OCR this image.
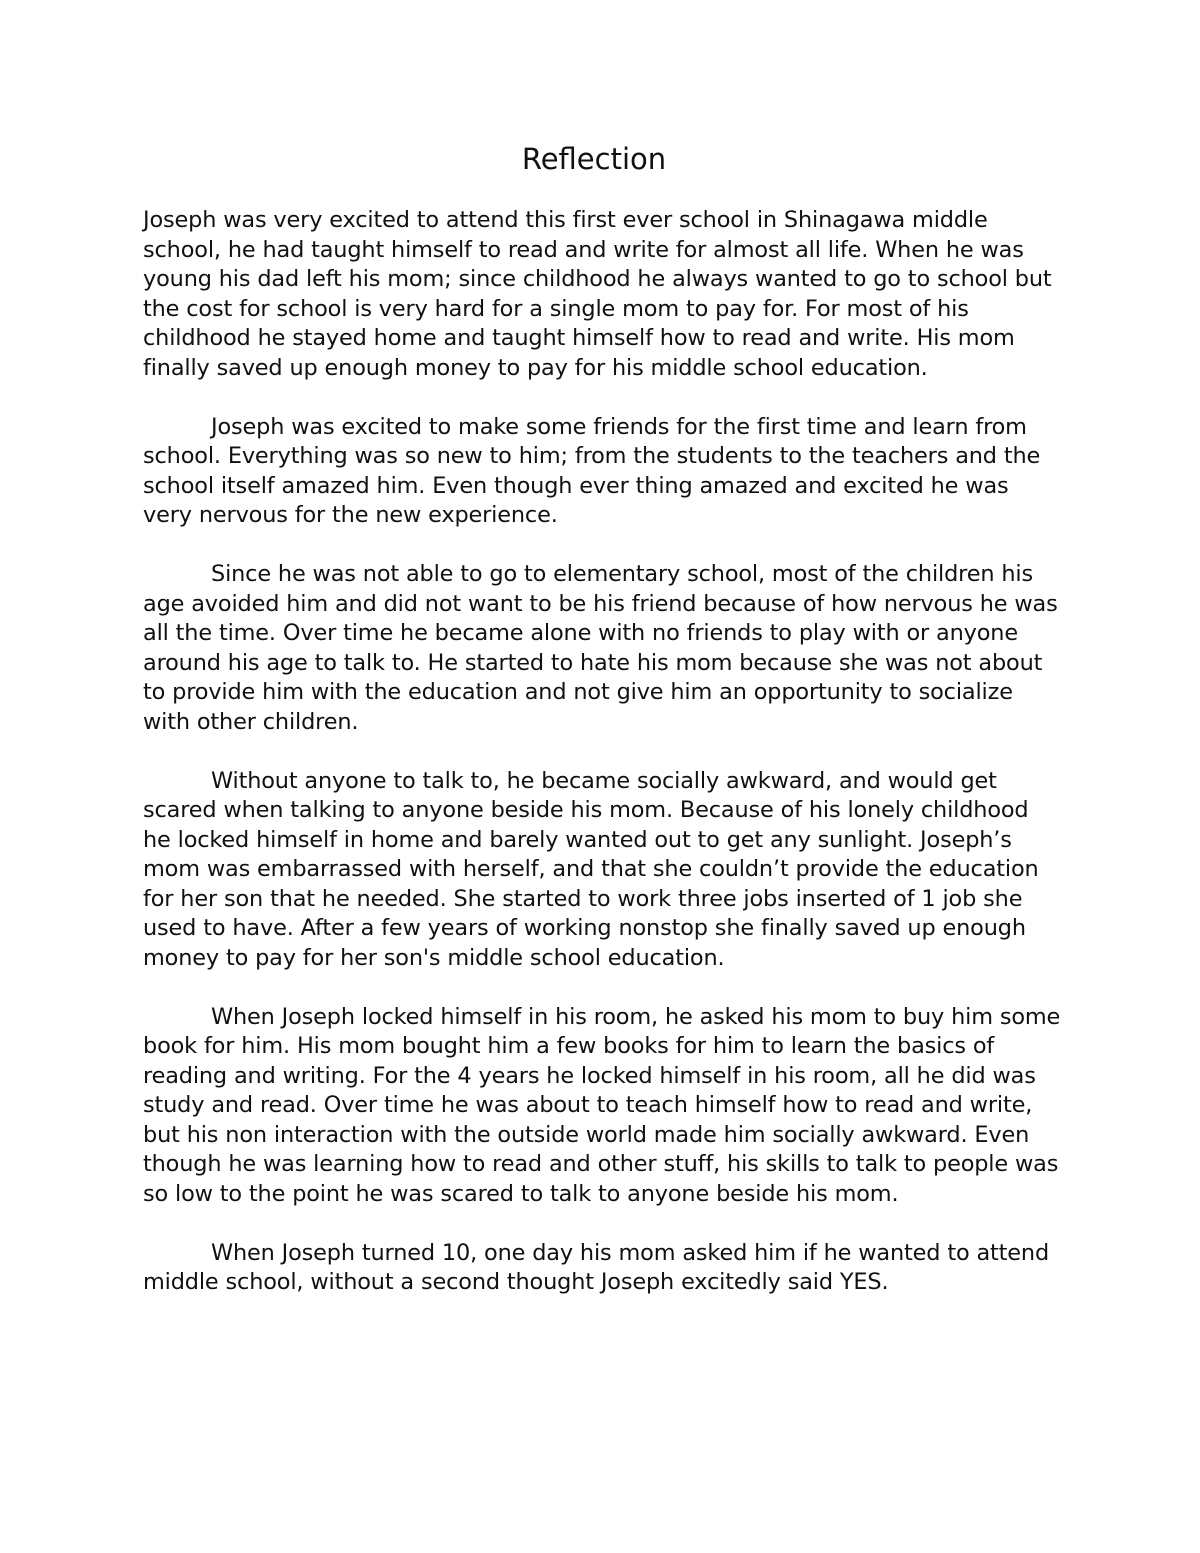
Reflection

Joseph was very excited to attend this first ever school in Shinagawa middle school, he had taught himself to read and write for almost all life. When he was young his dad left his mom; since childhood he always wanted to go to school but the cost for school is very hard for a single mom to pay for. For most of his childhood he stayed home and taught himself how to read and write. His mom finally saved up enough money to pay for his middle school education.

Joseph was excited to make some friends for the first time and learn from school. Everything was so new to him; from the students to the teachers and the school itself amazed him. Even though ever thing amazed and excited he was very nervous for the new experience.

Since he was not able to go to elementary school, most of the children his age avoided him and did not want to be his friend because of how nervous he was all the time. Over time he became alone with no friends to play with or anyone around his age to talk to. He started to hate his mom because she was not about to provide him with the education and not give him an opportunity to socialize with other children.

Without anyone to talk to, he became socially awkward, and would get scared when talking to anyone beside his mom. Because of his lonely childhood he locked himself in home and barely wanted out to get any sunlight. Joseph’s mom was embarrassed with herself, and that she couldn’t provide the education for her son that he needed. She started to work three jobs inserted of 1 job she used to have. After a few years of working nonstop she finally saved up enough money to pay for her son's middle school education.

When Joseph locked himself in his room, he asked his mom to buy him some book for him. His mom bought him a few books for him to learn the basics of reading and writing. For the 4 years he locked himself in his room, all he did was study and read. Over time he was about to teach himself how to read and write, but his non interaction with the outside world made him socially awkward. Even though he was learning how to read and other stuff, his skills to talk to people was so low to the point he was scared to talk to anyone beside his mom.

When Joseph turned 10, one day his mom asked him if he wanted to attend middle school, without a second thought Joseph excitedly said YES.
